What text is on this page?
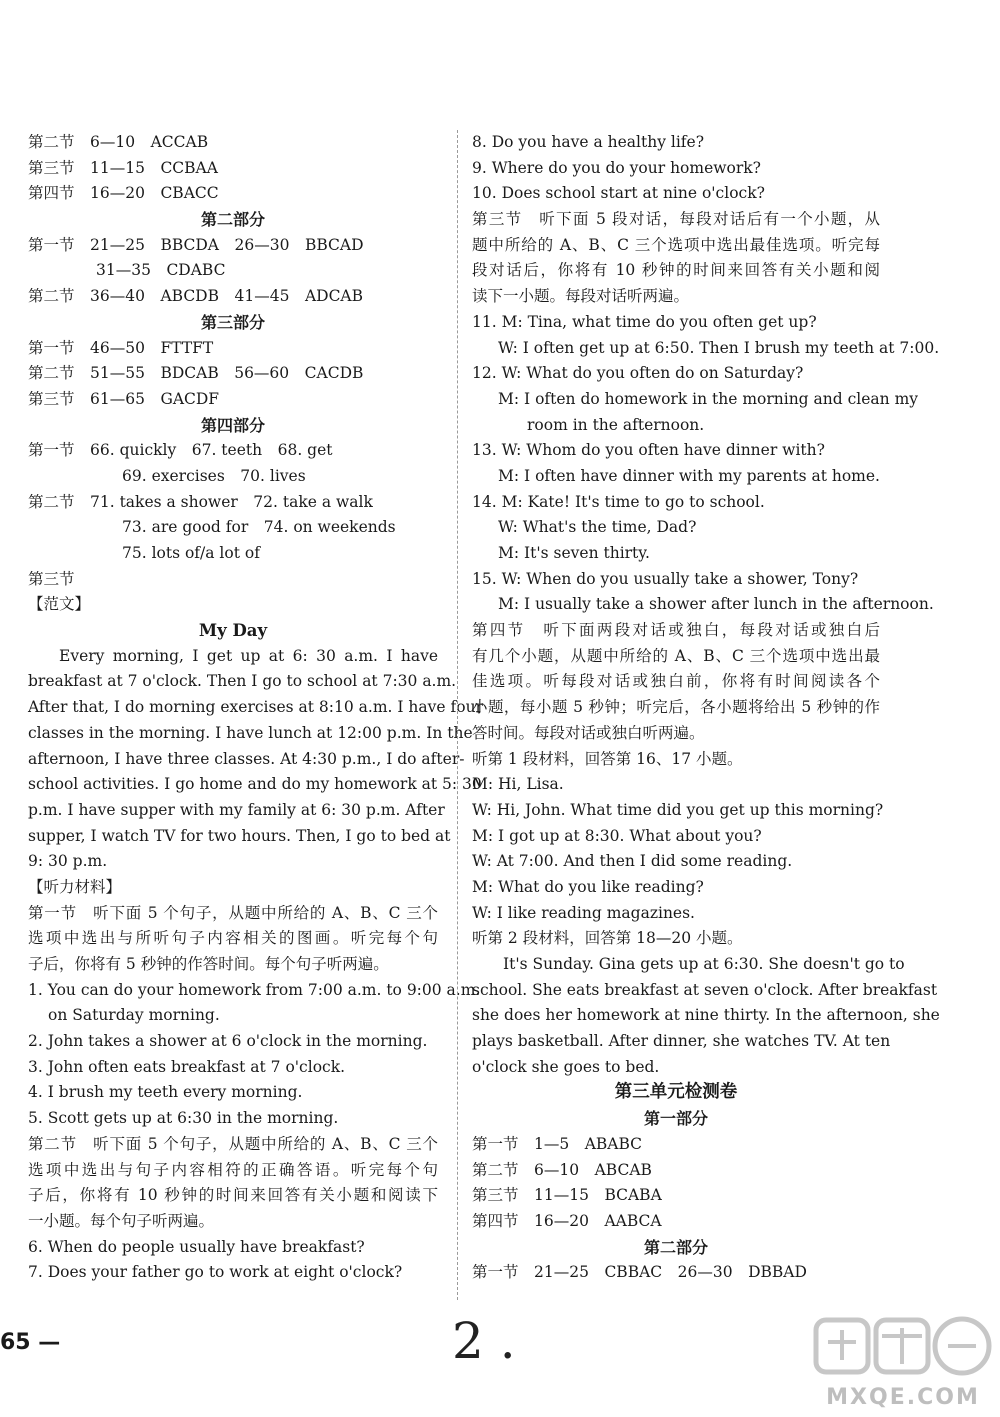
第二节　6—10　ACCAB
第三节　11—15　CCBAA
第四节　16—20　CBACC
第二部分
第一节　21—25　BBCDA　26—30　BBCAD
31—35　CDABC
第二节　36—40　ABCDB　41—45　ADCAB
第三部分
第一节　46—50　FTTFT
第二节　51—55　BDCAB　56—60　CACDB
第三节　61—65　GACDF
第四部分
第一节　66. quickly　67. teeth　68. get
69. exercises　70. lives
第二节　71. takes a shower　72. take a walk
73. are good for　74. on weekends
75. lots of/a lot of
第三节
【范文】
My Day
Every morning, I get up at 6: 30 a.m. I have
breakfast at 7 o'clock. Then I go to school at 7:30 a.m.
After that, I do morning exercises at 8:10 a.m. I have four
classes in the morning. I have lunch at 12:00 p.m. In the
afternoon, I have three classes. At 4:30 p.m., I do after-
school activities. I go home and do my homework at 5: 30
p.m. I have supper with my family at 6: 30 p.m. After
supper, I watch TV for two hours. Then, I go to bed at
9: 30 p.m.
【听力材料】
第一节　听下面 5 个句子，从题中所给的 A、B、C 三个
选项中选出与所听句子内容相关的图画。听完每个句
子后，你将有 5 秒钟的作答时间。每个句子听两遍。
1. You can do your homework from 7:00 a.m. to 9:00 a.m.
on Saturday morning.
2. John takes a shower at 6 o'clock in the morning.
3. John often eats breakfast at 7 o'clock.
4. I brush my teeth every morning.
5. Scott gets up at 6:30 in the morning.
第二节　听下面 5 个句子，从题中所给的 A、B、C 三个
选项中选出与句子内容相符的正确答语。听完每个句
子后，你将有 10 秒钟的时间来回答有关小题和阅读下
一小题。每个句子听两遍。
6. When do people usually have breakfast?
7. Does your father go to work at eight o'clock?
8. Do you have a healthy life?
9. Where do you do your homework?
10. Does school start at nine o'clock?
第三节　听下面 5 段对话，每段对话后有一个小题，从
题中所给的 A、B、C 三个选项中选出最佳选项。听完每
段对话后，你将有 10 秒钟的时间来回答有关小题和阅
读下一小题。每段对话听两遍。
11. M: Tina, what time do you often get up?
W: I often get up at 6:50. Then I brush my teeth at 7:00.
12. W: What do you often do on Saturday?
M: I often do homework in the morning and clean my
room in the afternoon.
13. W: Whom do you often have dinner with?
M: I often have dinner with my parents at home.
14. M: Kate! It's time to go to school.
W: What's the time, Dad?
M: It's seven thirty.
15. W: When do you usually take a shower, Tony?
M: I usually take a shower after lunch in the afternoon.
第四节　听下面两段对话或独白，每段对话或独白后
有几个小题，从题中所给的 A、B、C 三个选项中选出最
佳选项。听每段对话或独白前，你将有时间阅读各个
小题，每小题 5 秒钟；听完后，各小题将给出 5 秒钟的作
答时间。每段对话或独白听两遍。
听第 1 段材料，回答第 16、17 小题。
M: Hi, Lisa.
W: Hi, John. What time did you get up this morning?
M: I got up at 8:30. What about you?
W: At 7:00. And then I did some reading.
M: What do you like reading?
W: I like reading magazines.
听第 2 段材料，回答第 18—20 小题。
It's Sunday. Gina gets up at 6:30. She doesn't go to
school. She eats breakfast at seven o'clock. After breakfast
she does her homework at nine thirty. In the afternoon, she
plays basketball. After dinner, she watches TV. At ten
o'clock she goes to bed.
第三单元检测卷
第一部分
第一节　1—5　ABABC
第二节　6—10　ABCAB
第三节　11—15　BCABA
第四节　16—20　AABCA
第二部分
第一节　21—25　CBBAC　26—30　DBBAD
65 —	2 .
MXQE.COM
